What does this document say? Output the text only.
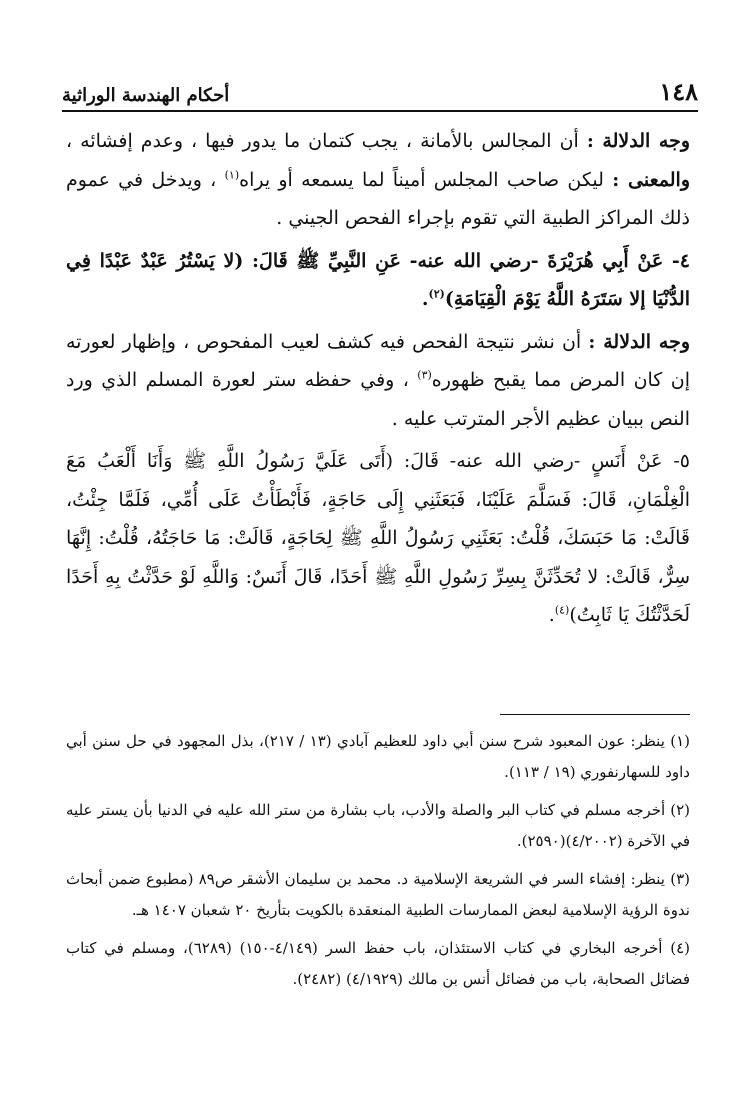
١٤٨
أحكام الهندسة الوراثية

وجه الدلالة : أن المجالس بالأمانة ، يجب كتمان ما يدور فيها ، وعدم إفشائه ، والمعنى : ليكن صاحب المجلس أميناً لما يسمعه أو يراه$^{(١)}$ ، ويدخل في عموم ذلك المراكز الطبية التي تقوم بإجراء الفحص الجيني .

٤- عَنْ أَبِي هُرَيْرَةَ -رضي الله عنه- عَنِ النَّبِيِّ ﷺ قَالَ: (لا يَسْتُرُ عَبْدٌ عَبْدًا فِي الدُّنْيَا إلا سَتَرَهُ اللَّهُ يَوْمَ الْقِيَامَةِ)$^{(٢)}$.

وجه الدلالة : أن نشر نتيجة الفحص فيه كشف لعيب المفحوص ، وإظهار لعورته إن كان المرض مما يقبح ظهوره$^{(٣)}$ ، وفي حفظه ستر لعورة المسلم الذي ورد النص ببيان عظيم الأجر المترتب عليه .

٥- عَنْ أَنَسٍ -رضي الله عنه- قَالَ: (أَتَى عَلَيَّ رَسُولُ اللَّهِ ﷺ وَأَنَا أَلْعَبُ مَعَ الْغِلْمَانِ، قَالَ: فَسَلَّمَ عَلَيْنَا، فَبَعَثَنِي إِلَى حَاجَةٍ، فَأَبْطَأْتُ عَلَى أُمِّي، فَلَمَّا جِئْتُ، قَالَتْ: مَا حَبَسَكَ، قُلْتُ: بَعَثَنِي رَسُولُ اللَّهِ ﷺ لِحَاجَةٍ، قَالَتْ: مَا حَاجَتُهُ، قُلْتُ: إِنَّهَا سِرٌّ، قَالَتْ: لا تُحَدِّثَنَّ بِسِرِّ رَسُولِ اللَّهِ ﷺ أَحَدًا، قَالَ أَنَسٌ: وَاللَّهِ لَوْ حَدَّثْتُ بِهِ أَحَدًا لَحَدَّثْتُكَ يَا ثَابِتُ)$^{(٤)}$.

(١) ينظر: عون المعبود شرح سنن أبي داود للعظيم آبادي (١٣ / ٢١٧)، بذل المجهود في حل سنن أبي داود للسهارنفوري (١٩ / ١١٣).

(٢) أخرجه مسلم في كتاب البر والصلة والأدب، باب بشارة من ستر الله عليه في الدنيا بأن يستر عليه في الآخرة (٤/٢٠٠٢)(٢٥٩٠).

(٣) ينظر: إفشاء السر في الشريعة الإسلامية د. محمد بن سليمان الأشقر ص٨٩ (مطبوع ضمن أبحاث ندوة الرؤية الإسلامية لبعض الممارسات الطبية المنعقدة بالكويت بتأريخ ٢٠ شعبان ١٤٠٧ هـ.

(٤) أخرجه البخاري في كتاب الاستئذان، باب حفظ السر (٤/١٤٩-١٥٠) (٦٢٨٩)، ومسلم في كتاب فضائل الصحابة، باب من فضائل أنس بن مالك (٤/١٩٢٩) (٢٤٨٢).
